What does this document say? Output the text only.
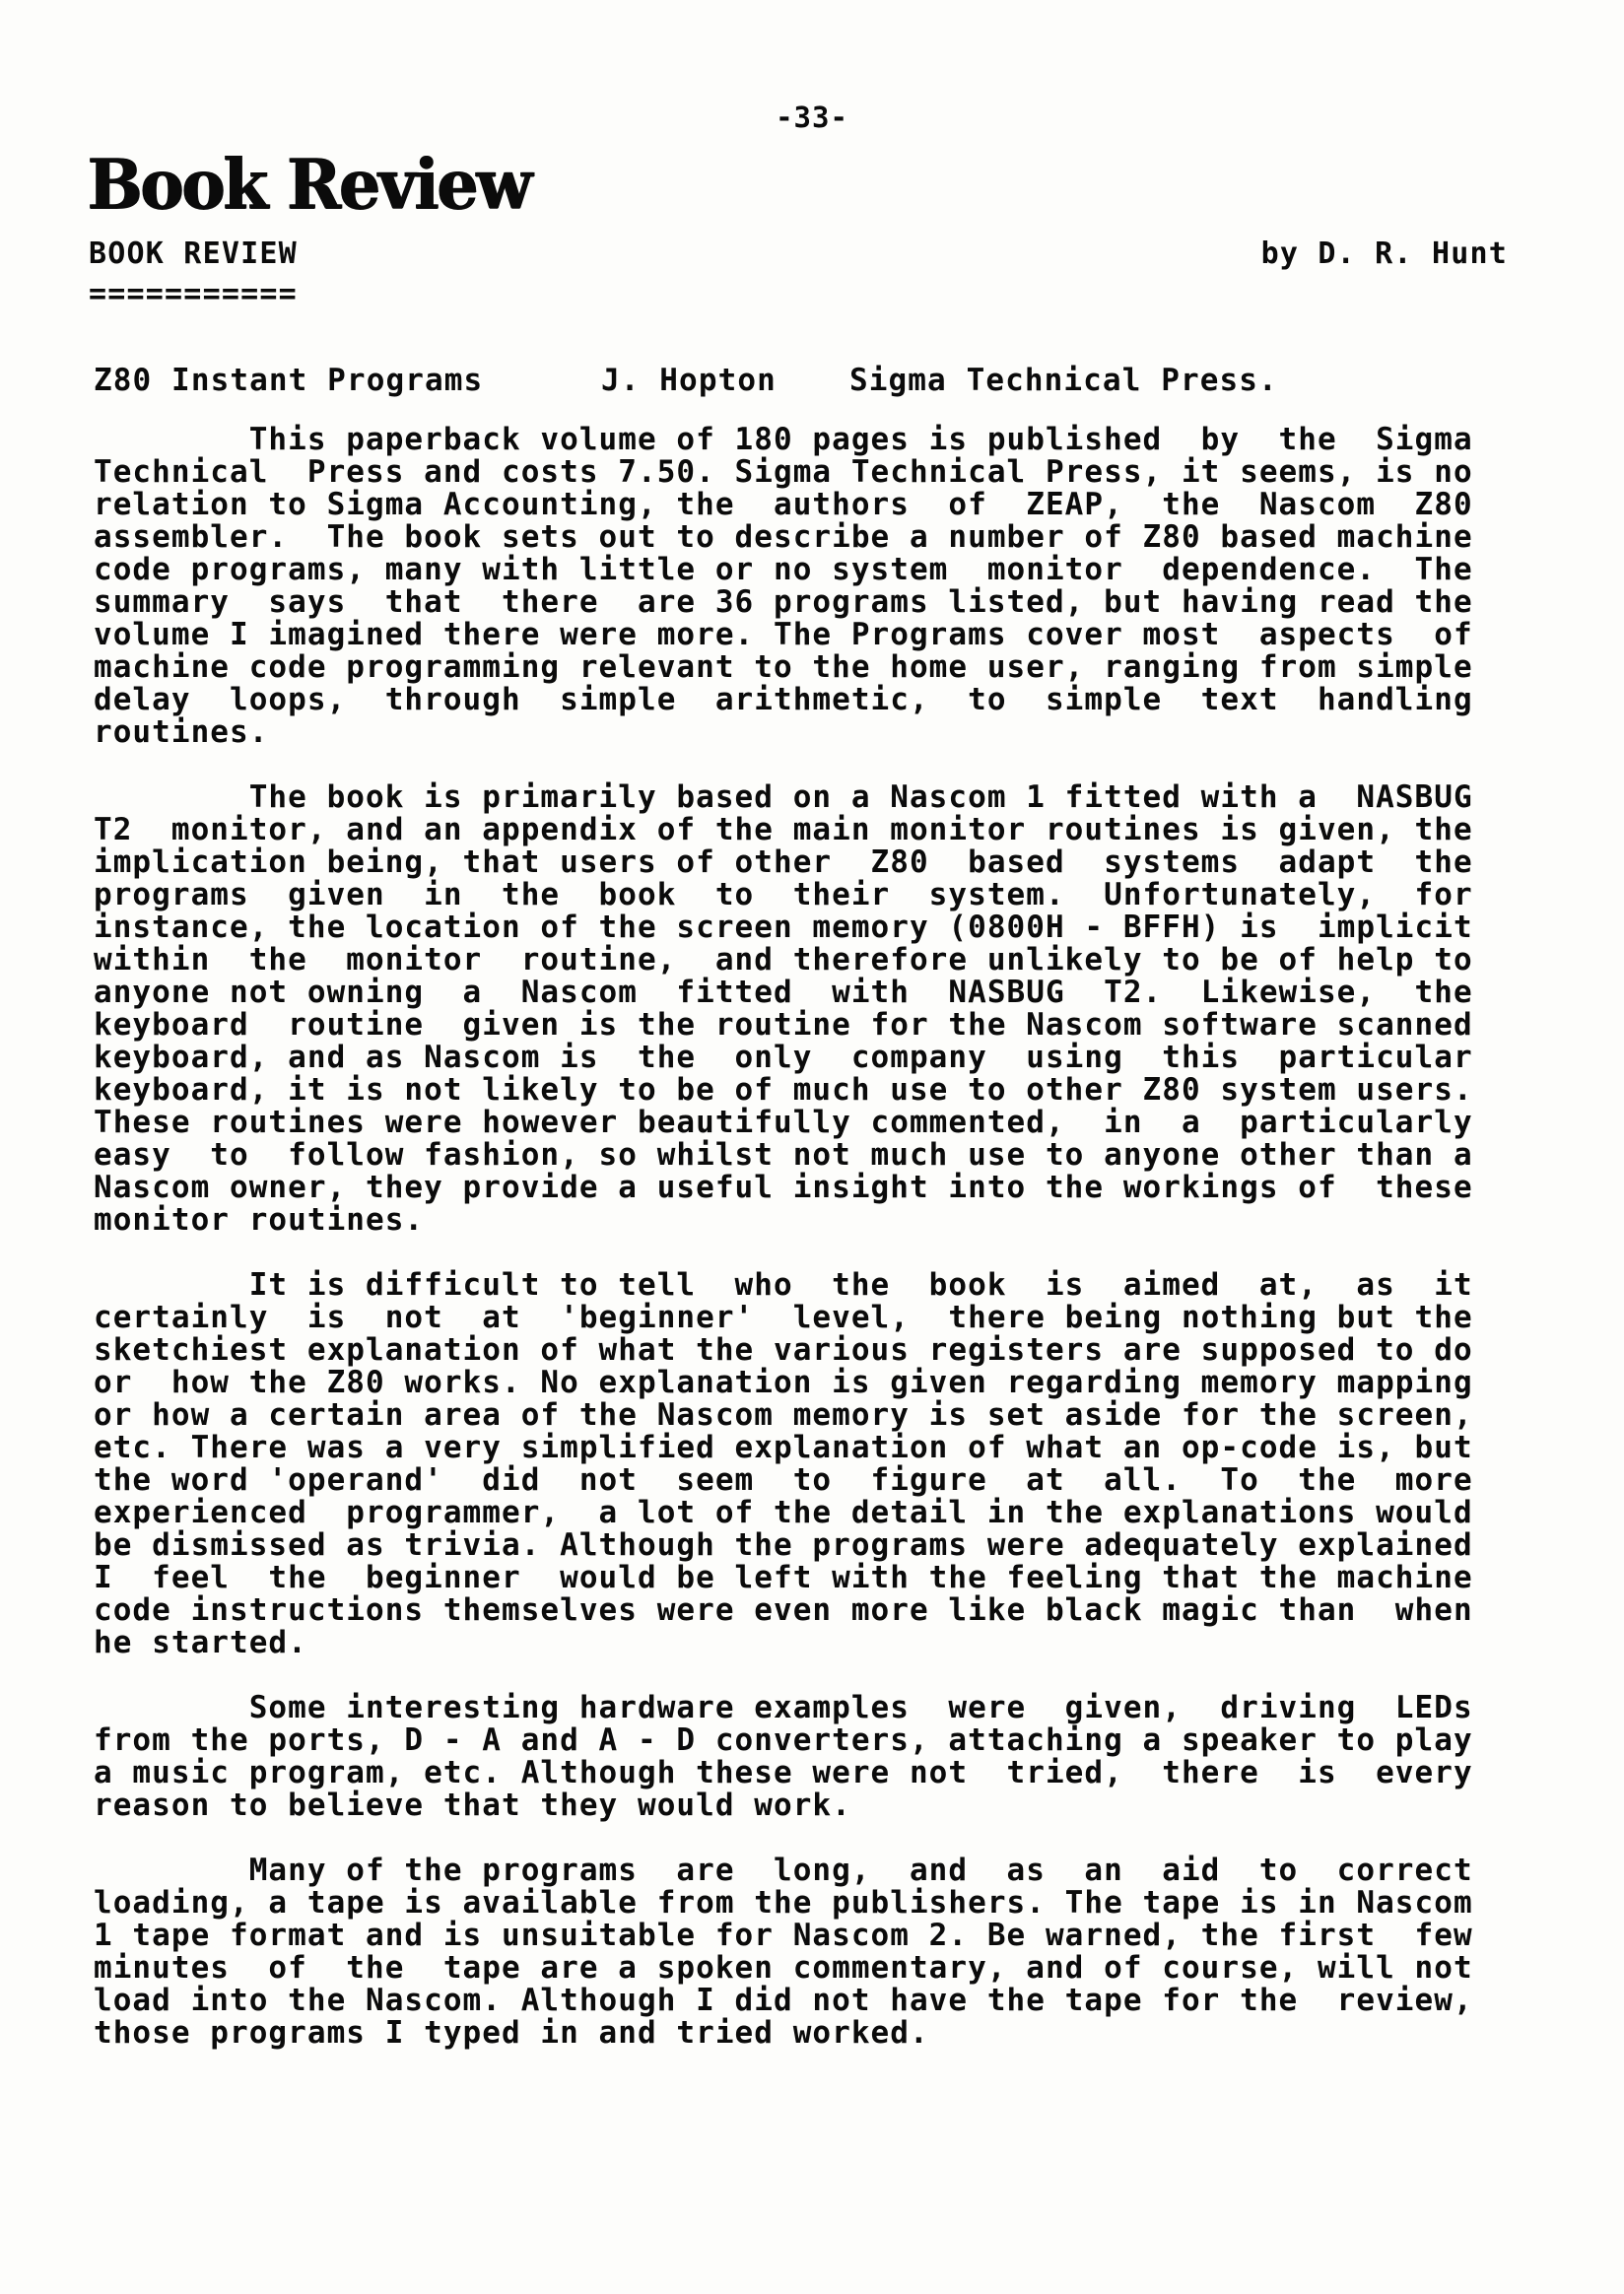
-33-
Book Review
BOOK REVIEW	by D. R. Hunt
===========
Z80 Instant Programs	J. Hopton Sigma Technical Press.
This paperback volume of 180 pages is published  by  the  Sigma
Technical  Press and costs 7.50. Sigma Technical Press, it seems, is no
relation to Sigma Accounting, the  authors  of  ZEAP,  the  Nascom  Z80
assembler.  The book sets out to describe a number of Z80 based machine
code programs, many with little or no system  monitor  dependence.  The
summary  says  that  there  are 36 programs listed, but having read the
volume I imagined there were more. The Programs cover most  aspects  of
machine code programming relevant to the home user, ranging from simple
delay  loops,  through  simple  arithmetic,  to  simple  text  handling
routines.
The book is primarily based on a Nascom 1 fitted with a  NASBUG
T2  monitor, and an appendix of the main monitor routines is given, the
implication being, that users of other  Z80  based  systems  adapt  the
programs  given  in  the  book  to  their  system.  Unfortunately,  for
instance, the location of the screen memory (0800H - BFFH) is  implicit
within  the  monitor  routine,  and therefore unlikely to be of help to
anyone not owning  a  Nascom  fitted  with  NASBUG  T2.  Likewise,  the
keyboard  routine  given is the routine for the Nascom software scanned
keyboard, and as Nascom is  the  only  company  using  this  particular
keyboard, it is not likely to be of much use to other Z80 system users.
These routines were however beautifully commented,  in  a  particularly
easy  to  follow fashion, so whilst not much use to anyone other than a
Nascom owner, they provide a useful insight into the workings of  these
monitor routines.
It is difficult to tell  who  the  book  is  aimed  at,  as  it
certainly  is  not  at  'beginner'  level,  there being nothing but the
sketchiest explanation of what the various registers are supposed to do
or  how the Z80 works. No explanation is given regarding memory mapping
or how a certain area of the Nascom memory is set aside for the screen,
etc. There was a very simplified explanation of what an op-code is, but
the word 'operand'  did  not  seem  to  figure  at  all.  To  the  more
experienced  programmer,  a lot of the detail in the explanations would
be dismissed as trivia. Although the programs were adequately explained
I  feel  the  beginner  would be left with the feeling that the machine
code instructions themselves were even more like black magic than  when
he started.
Some interesting hardware examples  were  given,  driving  LEDs
from the ports, D - A and A - D converters, attaching a speaker to play
a music program, etc. Although these were not  tried,  there  is  every
reason to believe that they would work.
Many of the programs  are  long,  and  as  an  aid  to  correct
loading, a tape is available from the publishers. The tape is in Nascom
1 tape format and is unsuitable for Nascom 2. Be warned, the first  few
minutes  of  the  tape are a spoken commentary, and of course, will not
load into the Nascom. Although I did not have the tape for the  review,
those programs I typed in and tried worked.
